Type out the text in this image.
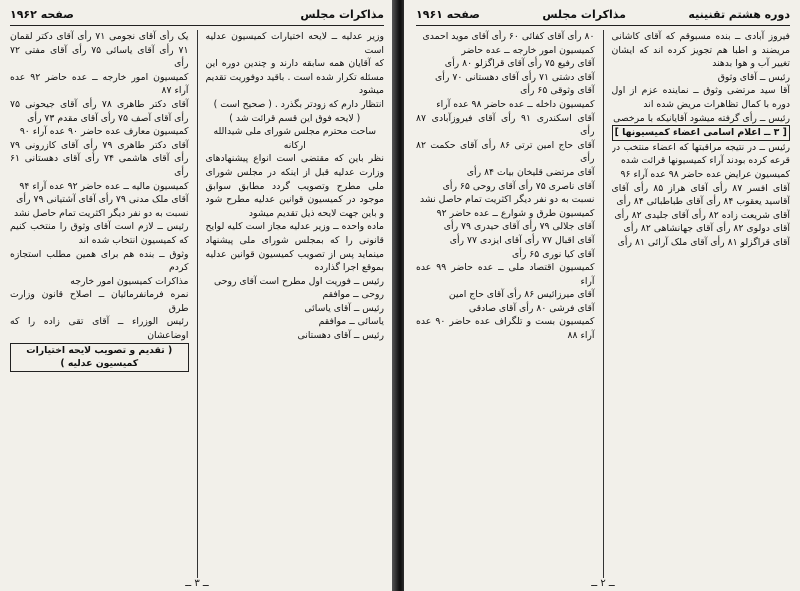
مذاکرات مجلس
صفحه ۱۹۶۲

وزیر عدلیه ــ لایحه اختیارات کمیسیون عدلیه است

که آقایان همه سابقه دارند و چندین دوره این مسئله تکرار شده است . باقید دوفوریت تقدیم میشود

انتظار دارم که زودتر بگذرد . ( صحیح است )

( لایحه فوق این قسم قرائت شد )

ساحت محترم مجلس شورای ملی شیدالله ارکانه

نظر باین که مقتضی است انواع پیشنهادهای وزارت عدلیه قبل از اینکه در مجلس شورای ملی مطرح وتصویب گردد مطابق سوابق موجود در کمیسیون قوانین عدلیه مطرح شود و باین جهت لایحه ذیل تقدیم میشود

ماده واحده ــ وزیر عدلیه مجاز است کلیه لوایح قانونی را که بمجلس شورای ملی پیشنهاد مینماید پس از تصویب کمیسیون قوانین عدلیه بموقع اجرا گذارده

رئیس ــ فوریت اول مطرح است آقای روحی

روحی ــ موافقم

رئیس ــ آقای یاسائی

یاسائی ــ موافقم

رئیس ــ آقای دهستانی

یک رأی آقای نجومی ۷۱ رأی آقای دکتر لقمان ۷۱ رأی آقای یاسائی ۷۵ رأی آقای مفتی ۷۲ رأی

کمیسیون امور خارجه ــ عده حاضر ۹۲ عده آراء ۸۷

آقای دکتر طاهری ۷۸ رأی آقای جیحونی ۷۵ رأی آقای آصف ۷۵ رأی آقای مقدم ۷۳ رأی

کمیسیون معارف عده حاضر ۹۰ عده آراء ۹۰

آقای دکتر طاهری ۷۹ رأی آقای کازرونی ۷۹ رأی آقای هاشمی ۷۴ رأی آقای دهستانی ۶۱ رأی

کمیسیون مالیه ــ عده حاضر ۹۲ عده آراء ۹۴

آقای ملک مدنی ۷۹ رأی آقای آشتیانی ۷۹ رأی

نسبت به دو نفر دیگر اکثریت تمام حاصل نشد

رئیس ــ لازم است آقای وثوق را منتخب کنیم که کمیسیون انتخاب شده اند

وثوق ــ بنده هم برای همین مطلب استجازه کردم

مذاکرات کمیسیون امور خارجه

نمره فرمانفرمائیان ــ اصلاح قانون وزارت طرق

رئیس الوزراء ــ آقای تقی زاده را که اوضاعشان

( تقدیم و تصویب لایحه اختیارات کمیسیون عدلیه )

ــ ۳ ــ
دوره هشتم تقنینیه
مذاکرات مجلس
صفحه ۱۹۶۱

فیروز آبادی ــ بنده مسبوقم که آقای کاشانی مریضند و اطبا هم تجویز کرده اند که ایشان تغییر آب و هوا بدهند

رئیس ــ آقای وثوق

آقا سید مرتضی وثوق ــ نماینده عزم از اول دوره با کمال تظاهرات مریض شده اند

رئیس ــ رأی گرفته میشود آقایانیکه با مرخصی

[ ۳ ــ اعلام اسامی اعضاء کمیسیونها ]

رئیس ــ در نتیجه مراقبتها که اعضاء منتخب در قرعه کرده بودند آراء کمیسیونها قرائت شده

کمیسیون عرایض عده حاضر ۹۸ عده آراء ۹۶

آقای افسر ۸۷ رأی آقای هراز ۸۵ رأی آقای آقاسید یعقوب ۸۴ رأی آقای طباطبائی ۸۴ رأی

آقای شریعت زاده ۸۲ رأی آقای جلیدی ۸۲ رأی

آقای دولوی ۸۲ رأی آقای جهانشاهی ۸۲ رأی

آقای قراگزلو ۸۱ رأی آقای ملک آرائی ۸۱ رأی

۸۰ رأی آقای کفائی ۶۰ رأی آقای موید احمدی

کمیسیون امور خارجه ــ عده حاضر

آقای رفیع ۷۵ رأی آقای قراگزلو ۸۰ رأی

آقای دشتی ۷۱ رأی آقای دهستانی ۷۰ رأی

آقای وثوقی ۶۵ رأی

کمیسیون داخله ــ عده حاضر ۹۸ عده آراء

آقای اسکندری ۹۱ رأی آقای فیروزآبادی ۸۷ رأی

آقای حاج امین ترتی ۸۶ رأی آقای حکمت ۸۲ رأی

آقای مرتضی قلیخان بیات ۸۴ رأی

آقای ناصری ۷۵ رأی آقای روحی ۶۵ رأی

نسبت به دو نفر دیگر اکثریت تمام حاصل نشد

کمیسیون طرق و شوارع ــ عده حاضر ۹۲

آقای جلالی ۷۹ رأی آقای حیدری ۷۹ رأی

آقای اقبال ۷۷ رأی آقای ایزدی ۷۷ رأی

آقای کیا نوری ۶۵ رأی

کمیسیون اقتصاد ملی ــ عده حاضر ۹۹ عده آراء

آقای میرزائیس ۸۶ رأی آقای حاج امین

آقای فرشی ۸۰ رأی آقای صادقی

کمیسیون بست و تلگراف عده حاضر ۹۰ عده آراء ۸۸

ــ ۲ ــ
